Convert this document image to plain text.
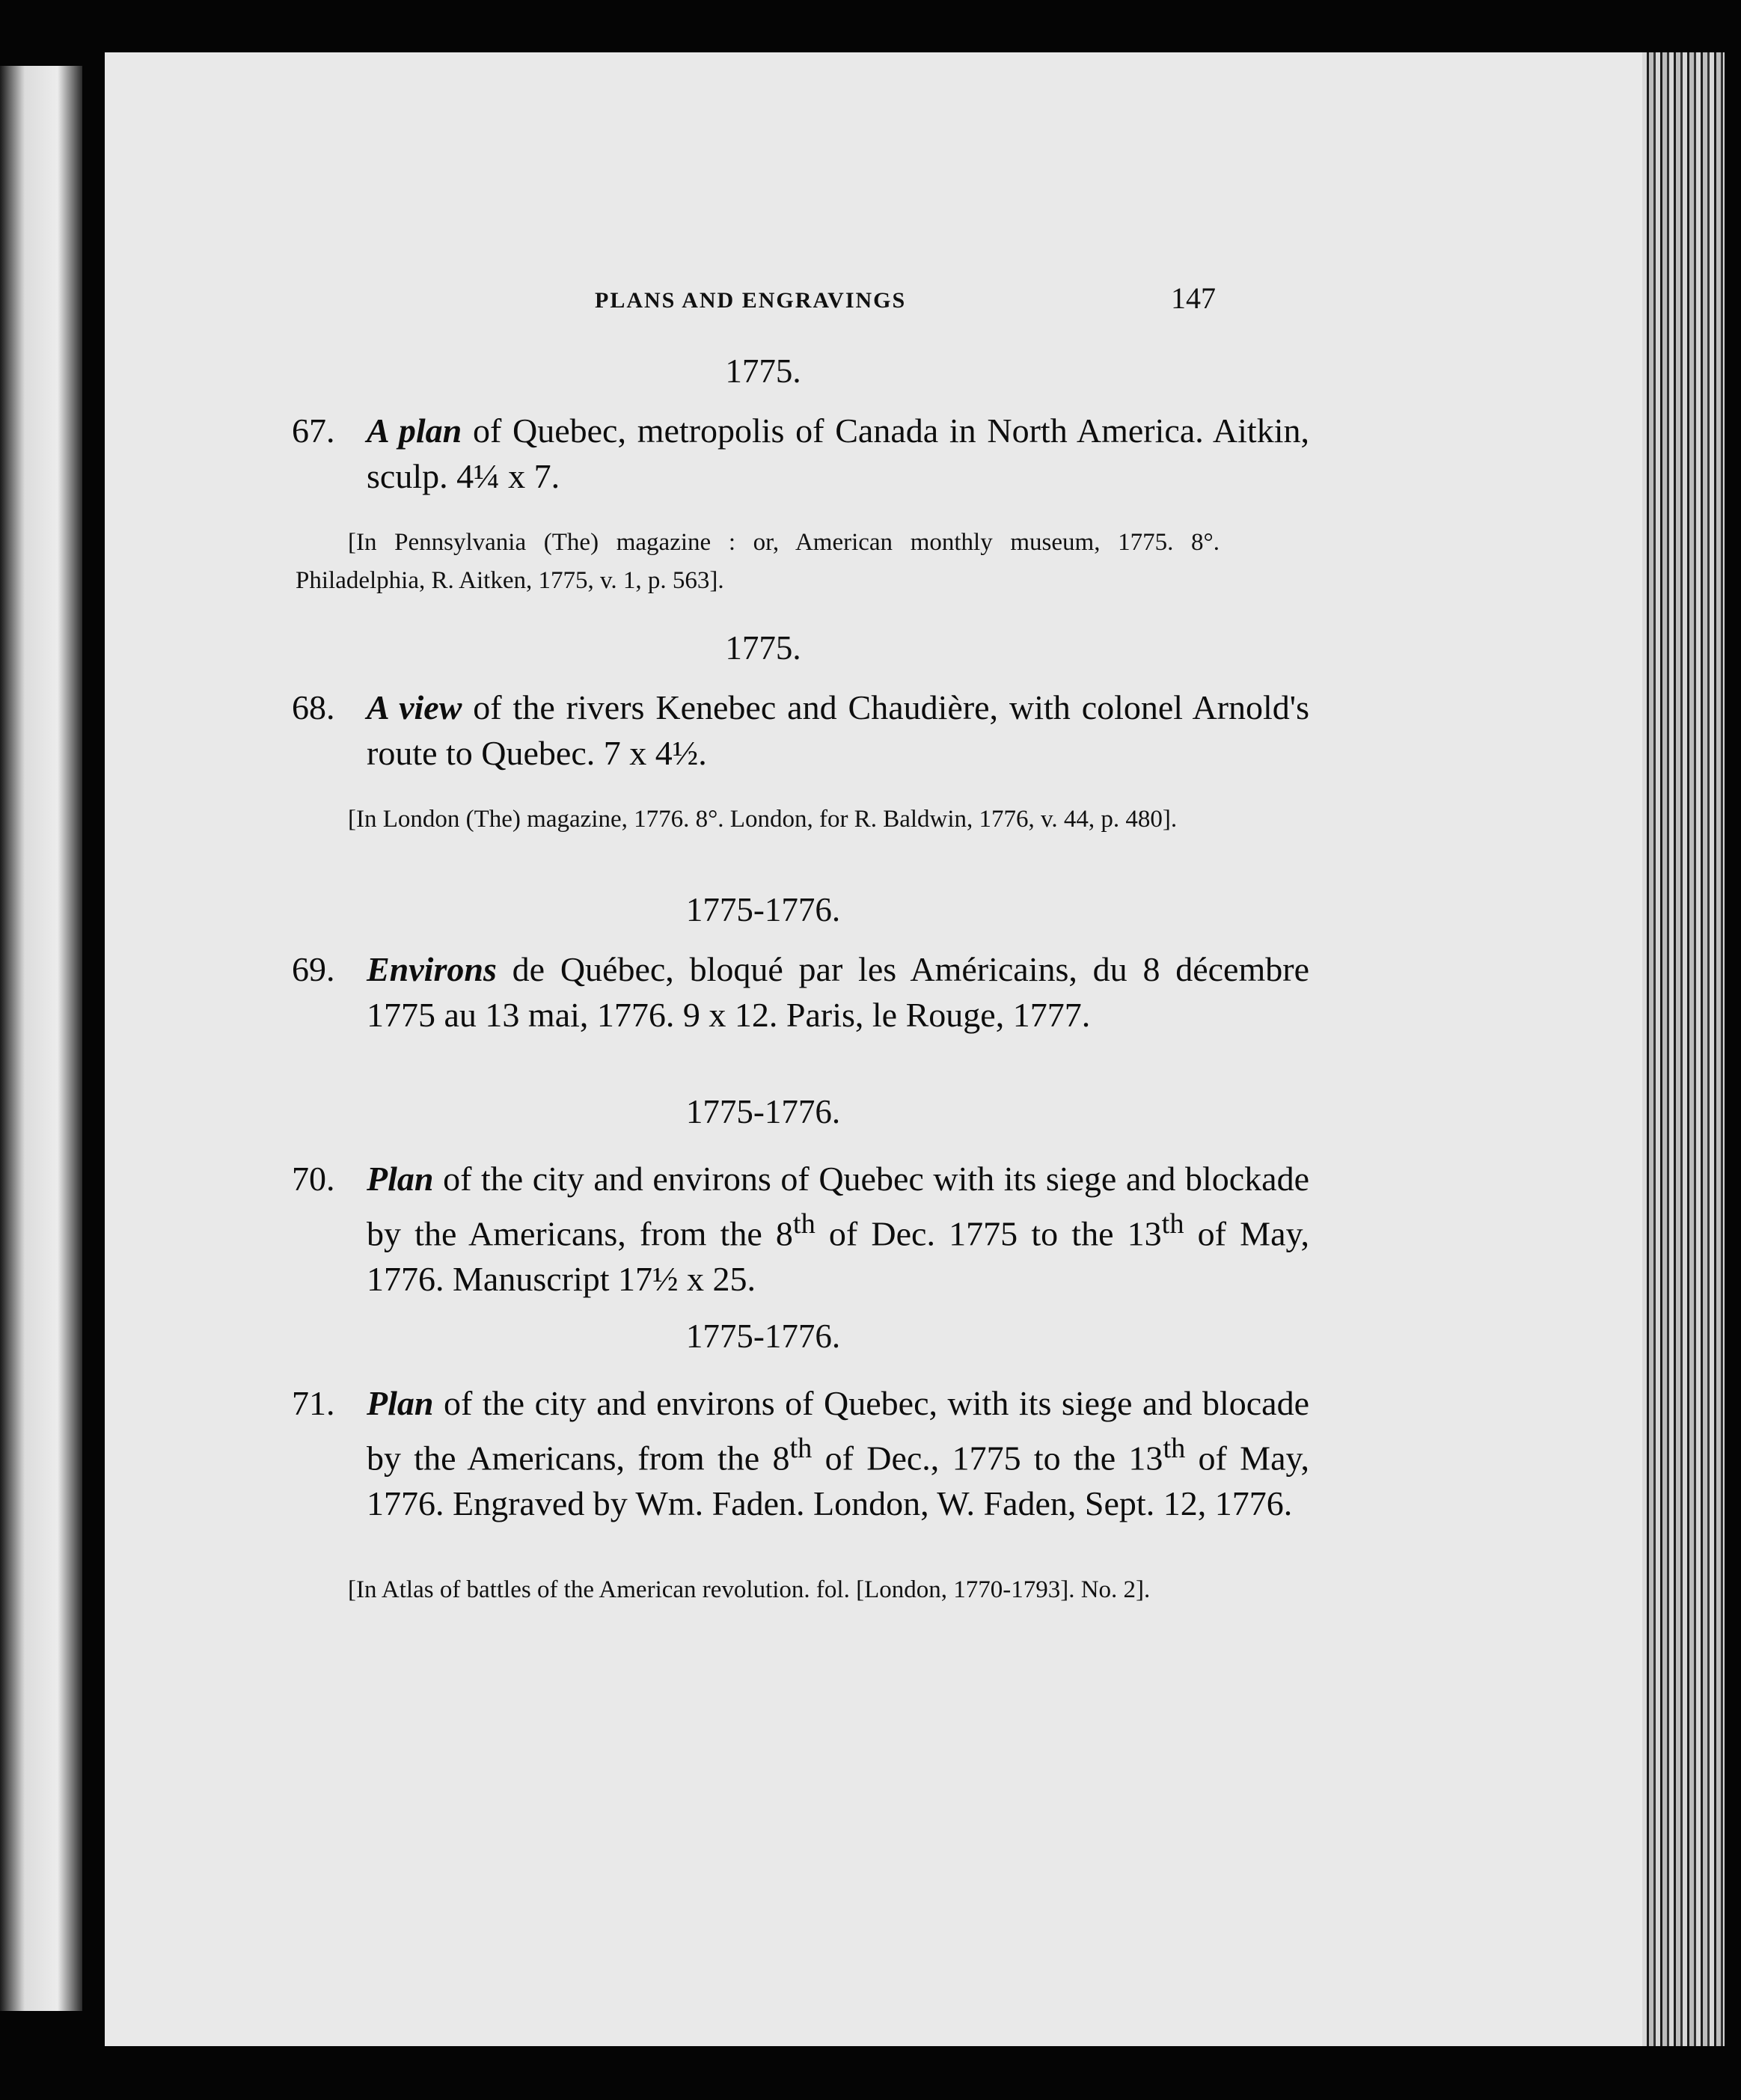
PLANS AND ENGRAVINGS	147

1775.

67. A plan of Quebec, metropolis of Canada in North America. Aitkin, sculp. 4¼ x 7.

[In Pennsylvania (The) magazine : or, American monthly museum, 1775. 8°. Philadelphia, R. Aitken, 1775, v. 1, p. 563].

1775.

68. A view of the rivers Kenebec and Chaudière, with colonel Arnold's route to Quebec. 7 x 4½.

[In London (The) magazine, 1776. 8°. London, for R. Baldwin, 1776, v. 44, p. 480].

1775-1776.

69. Environs de Québec, bloqué par les Américains, du 8 décembre 1775 au 13 mai, 1776. 9 x 12. Paris, le Rouge, 1777.

1775-1776.

70. Plan of the city and environs of Quebec with its siege and blockade by the Americans, from the 8th of Dec. 1775 to the 13th of May, 1776. Manuscript 17½ x 25.

1775-1776.

71. Plan of the city and environs of Quebec, with its siege and blocade by the Americans, from the 8th of Dec., 1775 to the 13th of May, 1776. Engraved by Wm. Faden. London, W. Faden, Sept. 12, 1776.

[In Atlas of battles of the American revolution. fol. [London, 1770-1793]. No. 2].
